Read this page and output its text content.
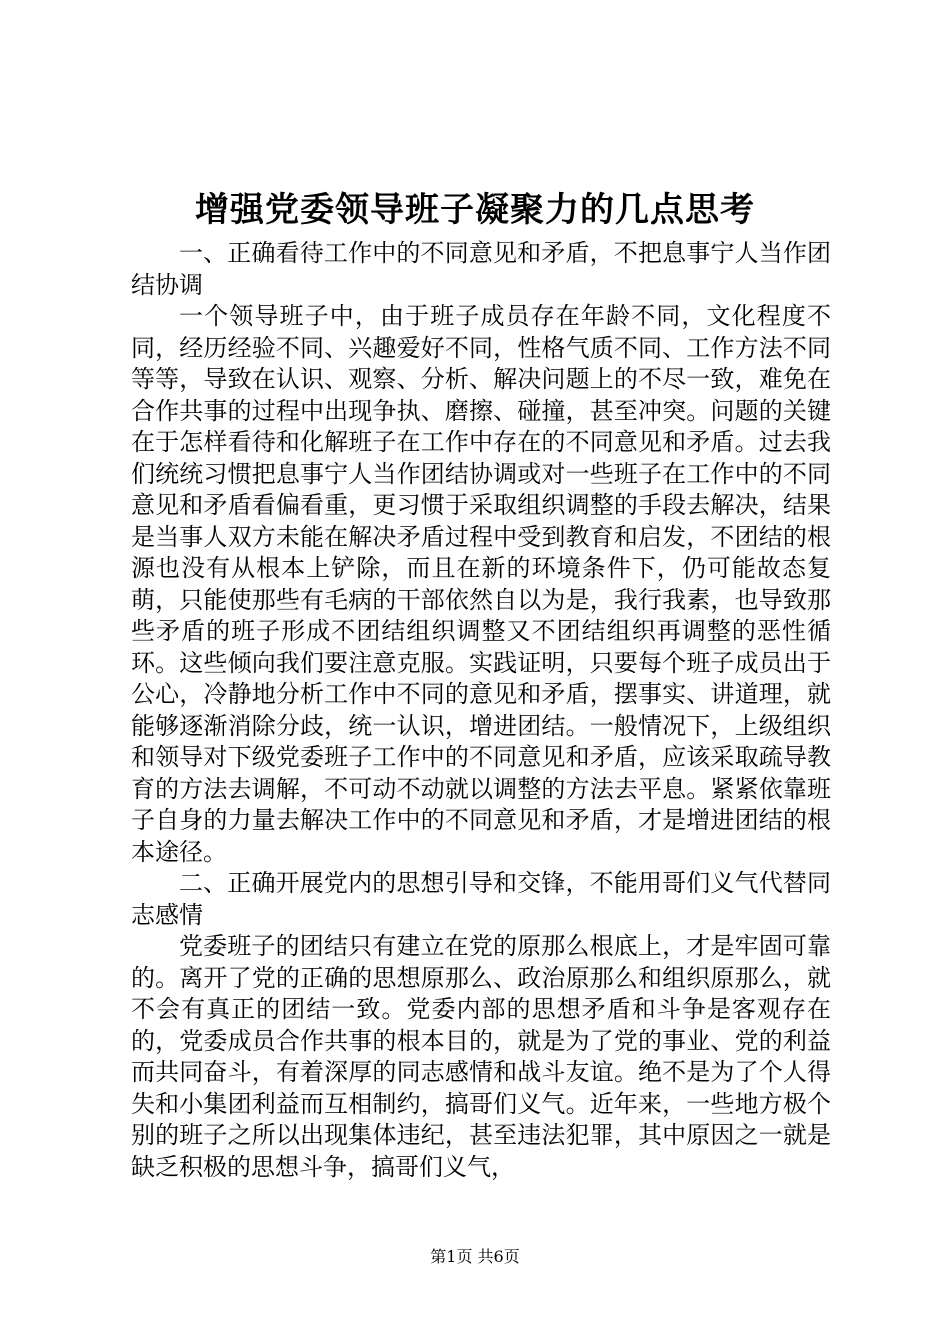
增强党委领导班子凝聚力的几点思考

一、正确看待工作中的不同意见和矛盾，不把息事宁人当作团结协调

一个领导班子中，由于班子成员存在年龄不同，文化程度不同，经历经验不同、兴趣爱好不同，性格气质不同、工作方法不同等等，导致在认识、观察、分析、解决问题上的不尽一致，难免在合作共事的过程中出现争执、磨擦、碰撞，甚至冲突。问题的关键在于怎样看待和化解班子在工作中存在的不同意见和矛盾。过去我们统统习惯把息事宁人当作团结协调或对一些班子在工作中的不同意见和矛盾看偏看重，更习惯于采取组织调整的手段去解决，结果是当事人双方未能在解决矛盾过程中受到教育和启发，不团结的根源也没有从根本上铲除，而且在新的环境条件下，仍可能故态复萌，只能使那些有毛病的干部依然自以为是，我行我素，也导致那些矛盾的班子形成不团结组织调整又不团结组织再调整的恶性循环。这些倾向我们要注意克服。实践证明，只要每个班子成员出于公心，冷静地分析工作中不同的意见和矛盾，摆事实、讲道理，就能够逐渐消除分歧，统一认识，增进团结。一般情况下，上级组织和领导对下级党委班子工作中的不同意见和矛盾，应该采取疏导教育的方法去调解，不可动不动就以调整的方法去平息。紧紧依靠班子自身的力量去解决工作中的不同意见和矛盾，才是增进团结的根本途径。

二、正确开展党内的思想引导和交锋，不能用哥们义气代替同志感情

党委班子的团结只有建立在党的原那么根底上，才是牢固可靠的。离开了党的正确的思想原那么、政治原那么和组织原那么，就不会有真正的团结一致。党委内部的思想矛盾和斗争是客观存在的，党委成员合作共事的根本目的，就是为了党的事业、党的利益而共同奋斗，有着深厚的同志感情和战斗友谊。绝不是为了个人得失和小集团利益而互相制约，搞哥们义气。近年来，一些地方极个别的班子之所以出现集体违纪，甚至违法犯罪，其中原因之一就是缺乏积极的思想斗争，搞哥们义气，

第1页 共6页
